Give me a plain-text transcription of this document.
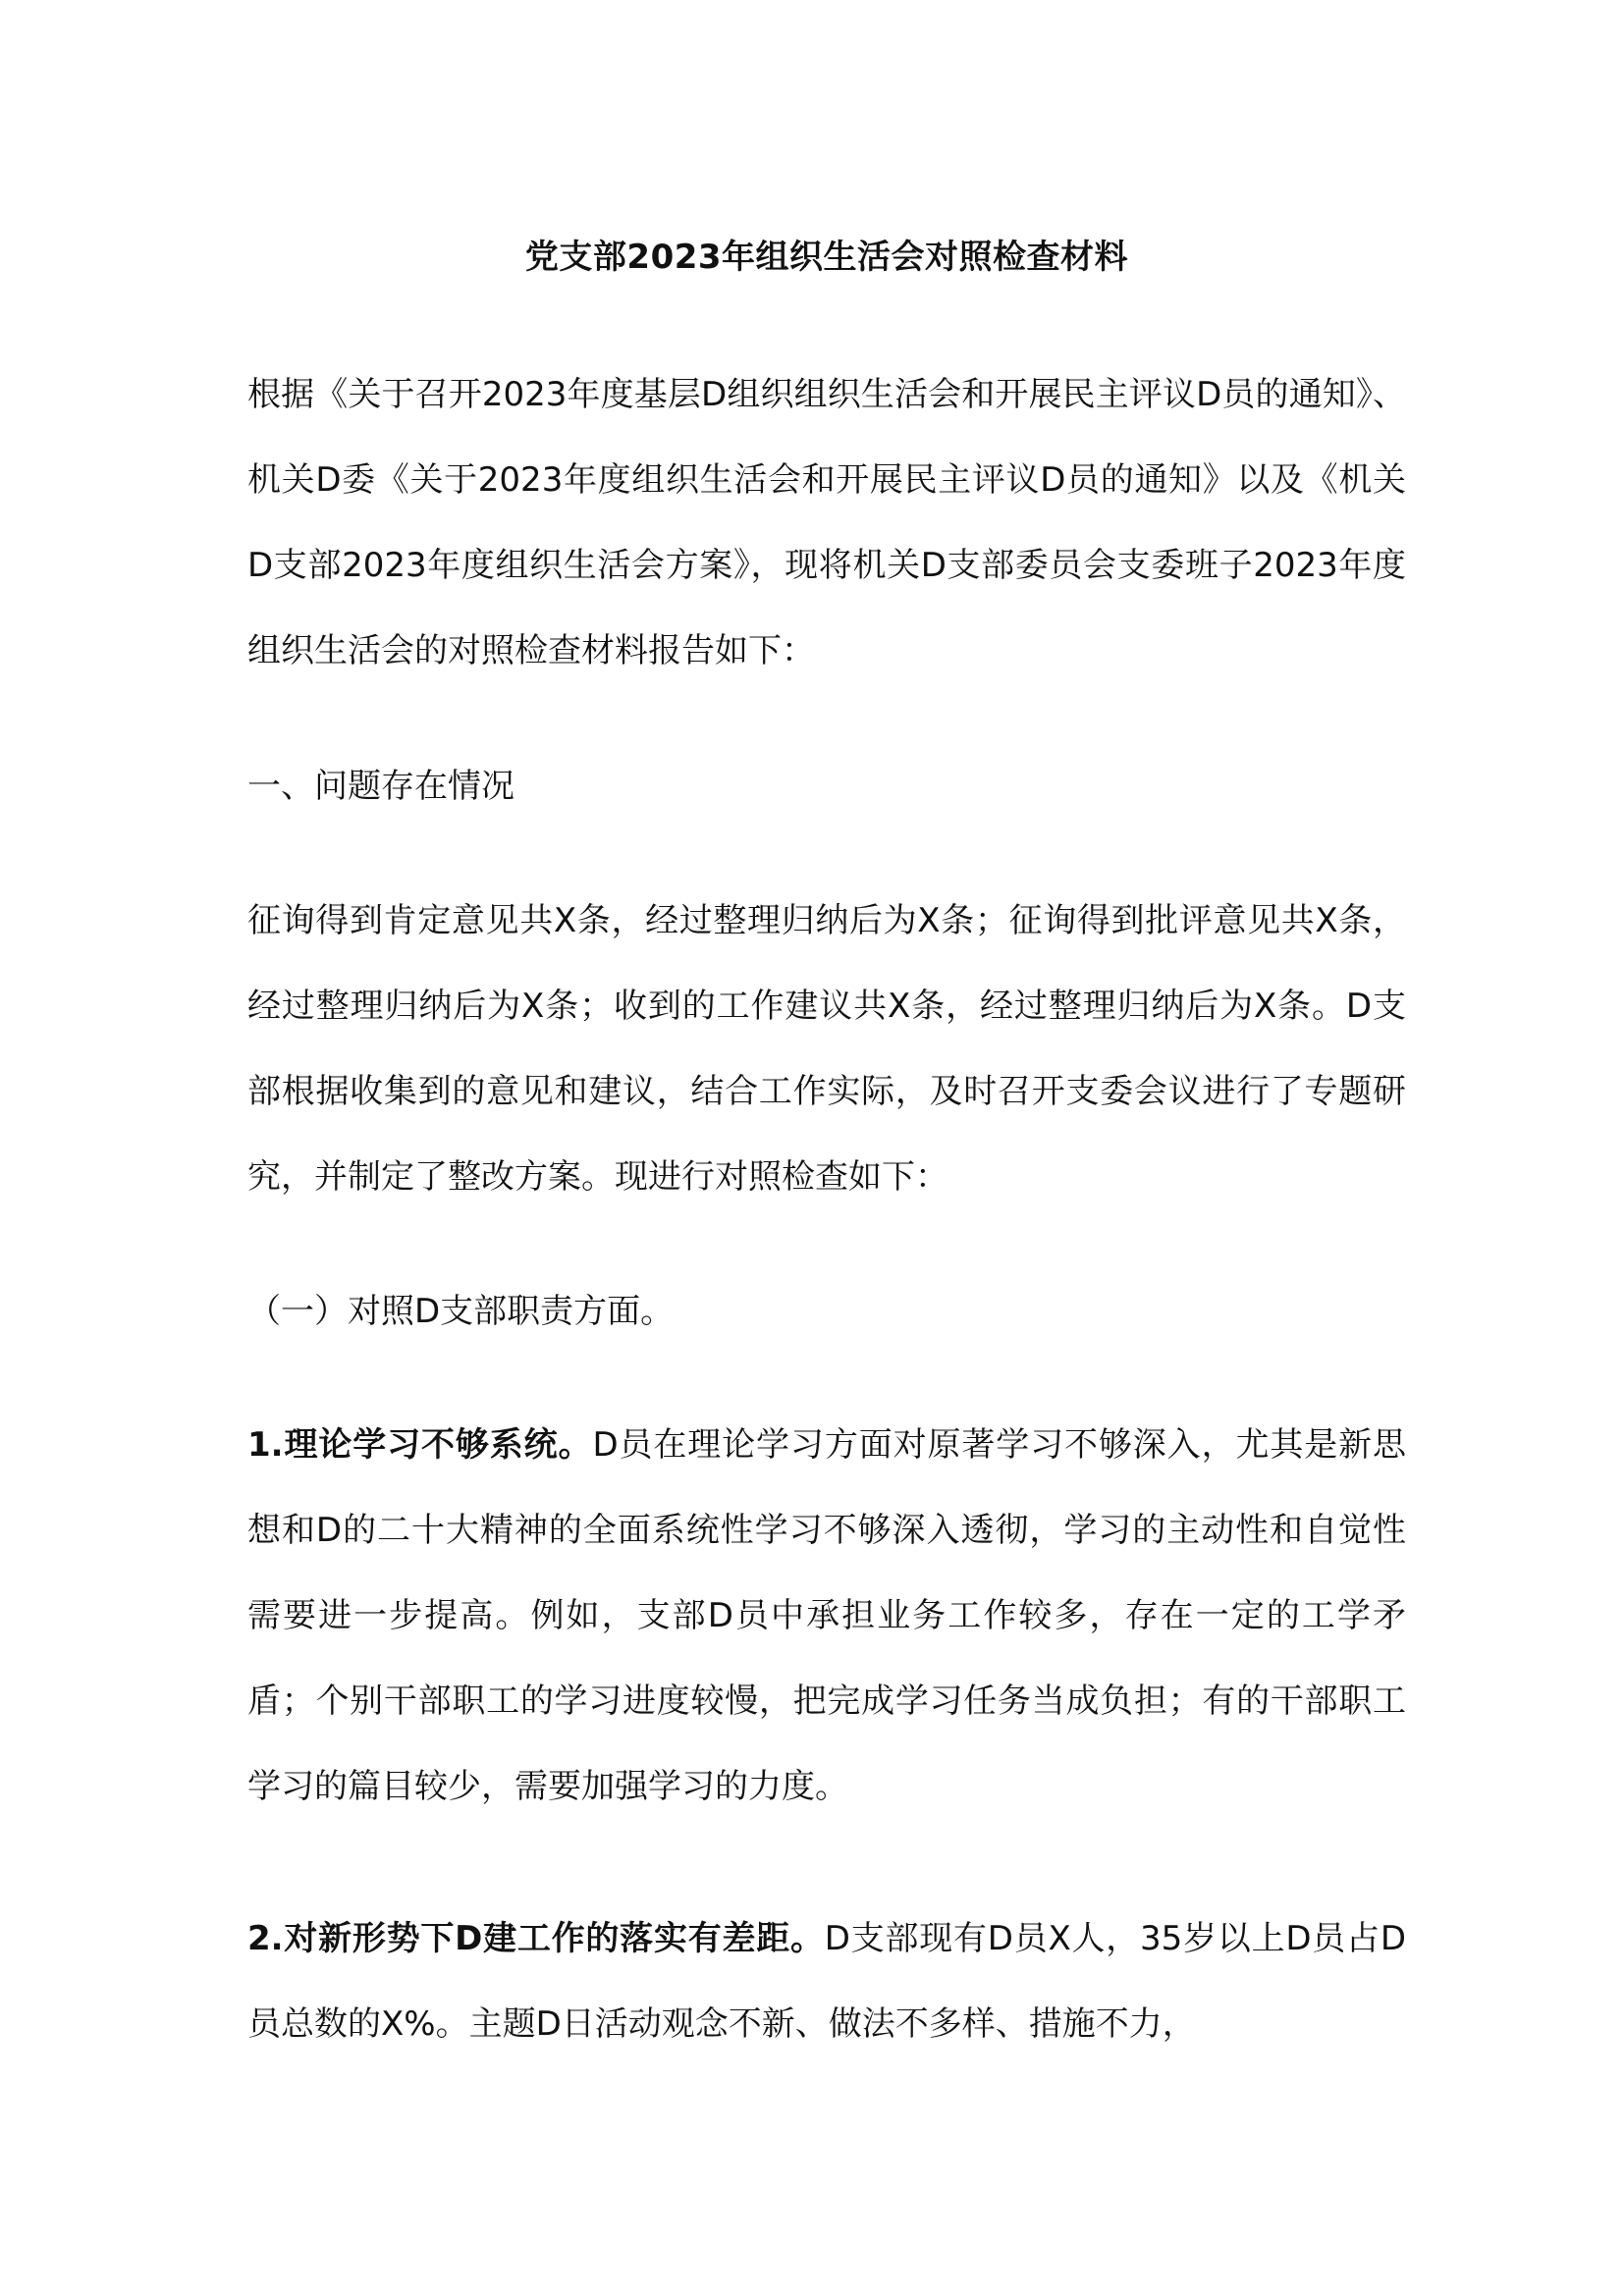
党支部2023年组织生活会对照检查材料

根据《关于召开2023年度基层D组织组织生活会和开展民主评议D员的通知》、机关D委《关于2023年度组织生活会和开展民主评议D员的通知》以及《机关D支部2023年度组织生活会方案》，现将机关D支部委员会支委班子2023年度组织生活会的对照检查材料报告如下：

一、问题存在情况

征询得到肯定意见共X条，经过整理归纳后为X条；征询得到批评意见共X条，经过整理归纳后为X条；收到的工作建议共X条，经过整理归纳后为X条。D支部根据收集到的意见和建议，结合工作实际，及时召开支委会议进行了专题研究，并制定了整改方案。现进行对照检查如下：

（一）对照D支部职责方面。

1.理论学习不够系统。D员在理论学习方面对原著学习不够深入，尤其是新思想和D的二十大精神的全面系统性学习不够深入透彻，学习的主动性和自觉性需要进一步提高。例如，支部D员中承担业务工作较多，存在一定的工学矛盾；个别干部职工的学习进度较慢，把完成学习任务当成负担；有的干部职工学习的篇目较少，需要加强学习的力度。

2.对新形势下D建工作的落实有差距。D支部现有D员X人，35岁以上D员占D员总数的X%。主题D日活动观念不新、做法不多样、措施不力，
